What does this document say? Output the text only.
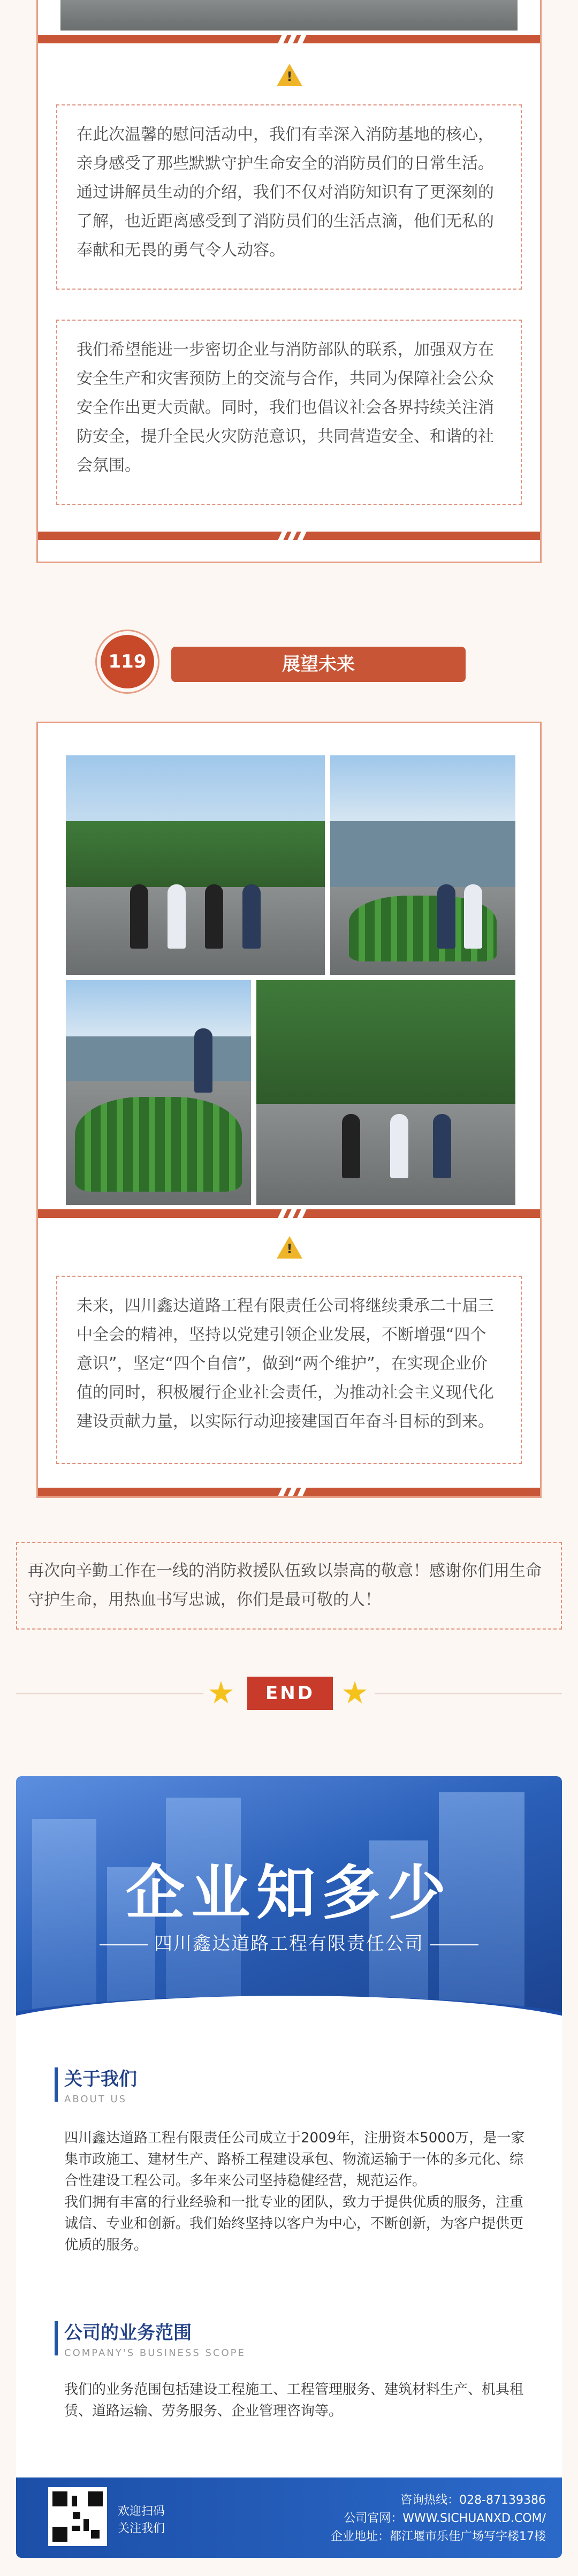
!

在此次温馨的慰问活动中，我们有幸深入消防基地的核心，亲身感受了那些默默守护生命安全的消防员们的日常生活。通过讲解员生动的介绍，我们不仅对消防知识有了更深刻的了解，也近距离感受到了消防员们的生活点滴，他们无私的奉献和无畏的勇气令人动容。

我们希望能进一步密切企业与消防部队的联系，加强双方在安全生产和灾害预防上的交流与合作，共同为保障社会公众安全作出更大贡献。同时，我们也倡议社会各界持续关注消防安全，提升全民火灾防范意识，共同营造安全、和谐的社会氛围。

119	展望未来
!

未来，四川鑫达道路工程有限责任公司将继续秉承二十届三中全会的精神，坚持以党建引领企业发展，不断增强“四个意识”，坚定“四个自信”，做到“两个维护”，在实现企业价值的同时，积极履行企业社会责任，为推动社会主义现代化建设贡献力量，以实际行动迎接建国百年奋斗目标的到来。

再次向辛勤工作在一线的消防救援队伍致以崇高的敬意！感谢你们用生命守护生命，用热血书写忠诚，你们是最可敬的人！

END
企业知多少
四川鑫达道路工程有限责任公司
关于我们
ABOUT US
四川鑫达道路工程有限责任公司成立于2009年，注册资本5000万，是一家集市政施工、建材生产、路桥工程建设承包、物流运输于一体的多元化、综合性建设工程公司。多年来公司坚持稳健经营，规范运作。
我们拥有丰富的行业经验和一批专业的团队，致力于提供优质的服务，注重诚信、专业和创新。我们始终坚持以客户为中心，不断创新，为客户提供更优质的服务。
公司的业务范围
COMPANY'S BUSINESS SCOPE
我们的业务范围包括建设工程施工、工程管理服务、建筑材料生产、机具租赁、道路运输、劳务服务、企业管理咨询等。
欢迎扫码
关注我们
咨询热线：028-87139386
公司官网：WWW.SICHUANXD.COM/
企业地址：都江堰市乐佳广场写字楼17楼
